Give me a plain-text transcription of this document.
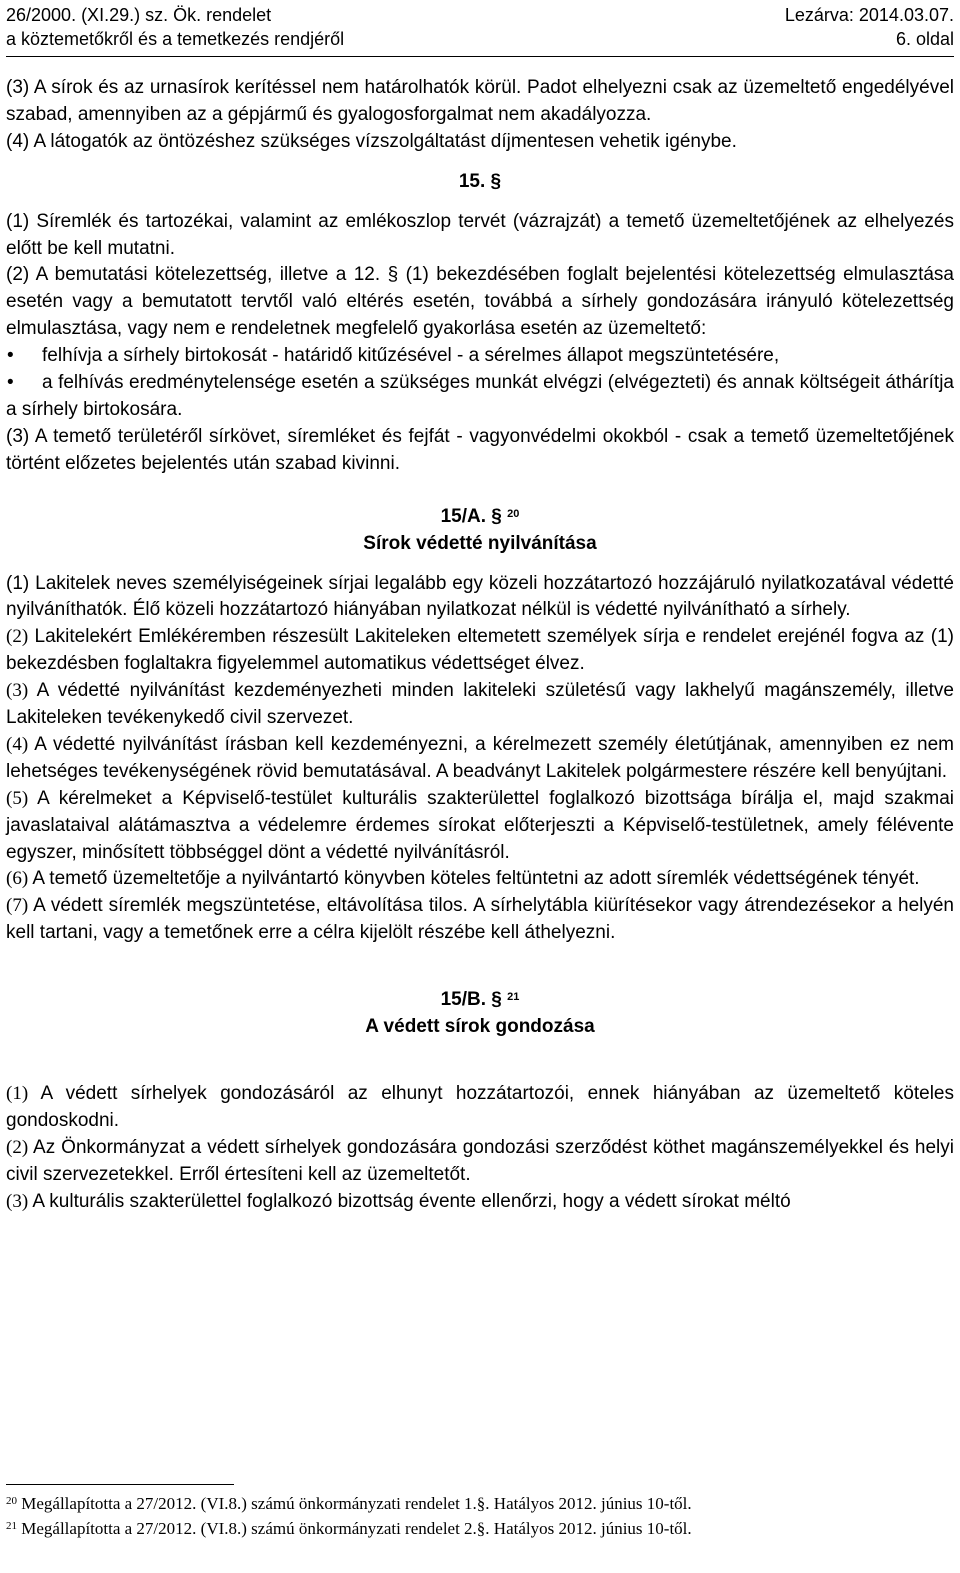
26/2000. (XI.29.) sz. Ök. rendelet
a köztemetőkről és a temetkezés rendjéről
Lezárva: 2014.03.07.
6. oldal

(3) A sírok és az urnasírok kerítéssel nem határolhatók körül. Padot elhelyezni csak az üzemeltető engedélyével szabad, amennyiben az a gépjármű és gyalogosforgalmat nem akadályozza.

(4) A látogatók az öntözéshez szükséges vízszolgáltatást díjmentesen vehetik igénybe.

15. §

(1) Síremlék és tartozékai, valamint az emlékoszlop tervét (vázrajzát) a temető üzemeltetőjének az elhelyezés előtt be kell mutatni.

(2) A bemutatási kötelezettség, illetve a 12. § (1) bekezdésében foglalt bejelentési kötelezettség elmulasztása esetén vagy a bemutatott tervtől való eltérés esetén, továbbá a sírhely gondozására irányuló kötelezettség elmulasztása, vagy nem e rendeletnek megfelelő gyakorlása esetén az üzemeltető:

• felhívja a sírhely birtokosát - határidő kitűzésével - a sérelmes állapot megszüntetésére,

• a felhívás eredménytelensége esetén a szükséges munkát elvégzi (elvégezteti) és annak költségeit áthárítja a sírhely birtokosára.

(3) A temető területéről sírkövet, síremléket és fejfát - vagyonvédelmi okokból - csak a temető üzemeltetőjének történt előzetes bejelentés után szabad kivinni.

15/A. § $^{20}$
Sírok védetté nyilvánítása

(1) Lakitelek neves személyiségeinek sírjai legalább egy közeli hozzátartozó hozzájáruló nyilatkozatával védetté nyilváníthatók. Élő közeli hozzátartozó hiányában nyilatkozat nélkül is védetté nyilvánítható a sírhely.

(2) Lakitelekért Emlékéremben részesült Lakiteleken eltemetett személyek sírja e rendelet erejénél fogva az (1) bekezdésben foglaltakra figyelemmel automatikus védettséget élvez.

(3) A védetté nyilvánítást kezdeményezheti minden lakiteleki születésű vagy lakhelyű magánszemély, illetve Lakiteleken tevékenykedő civil szervezet.

(4) A védetté nyilvánítást írásban kell kezdeményezni, a kérelmezett személy életútjának, amennyiben ez nem lehetséges tevékenységének rövid bemutatásával. A beadványt Lakitelek polgármestere részére kell benyújtani.

(5) A kérelmeket a Képviselő-testület kulturális szakterülettel foglalkozó bizottsága bírálja el, majd szakmai javaslataival alátámasztva a védelemre érdemes sírokat előterjeszti a Képviselő-testületnek, amely félévente egyszer, minősített többséggel dönt a védetté nyilvánításról.

(6) A temető üzemeltetője a nyilvántartó könyvben köteles feltüntetni az adott síremlék védettségének tényét.

(7) A védett síremlék megszüntetése, eltávolítása tilos. A sírhelytábla kiürítésekor vagy átrendezésekor a helyén kell tartani, vagy a temetőnek erre a célra kijelölt részébe kell áthelyezni.

15/B. § $^{21}$
A védett sírok gondozása

(1) A védett sírhelyek gondozásáról az elhunyt hozzátartozói, ennek hiányában az üzemeltető köteles gondoskodni.

(2) Az Önkormányzat a védett sírhelyek gondozására gondozási szerződést köthet magánszemélyekkel és helyi civil szervezetekkel. Erről értesíteni kell az üzemeltetőt.

(3) A kulturális szakterülettel foglalkozó bizottság évente ellenőrzi, hogy a védett sírokat méltó

$^{20}$ Megállapította a 27/2012. (VI.8.) számú önkormányzati rendelet 1.§. Hatályos 2012. június 10-től.
$^{21}$ Megállapította a 27/2012. (VI.8.) számú önkormányzati rendelet 2.§. Hatályos 2012. június 10-től.
